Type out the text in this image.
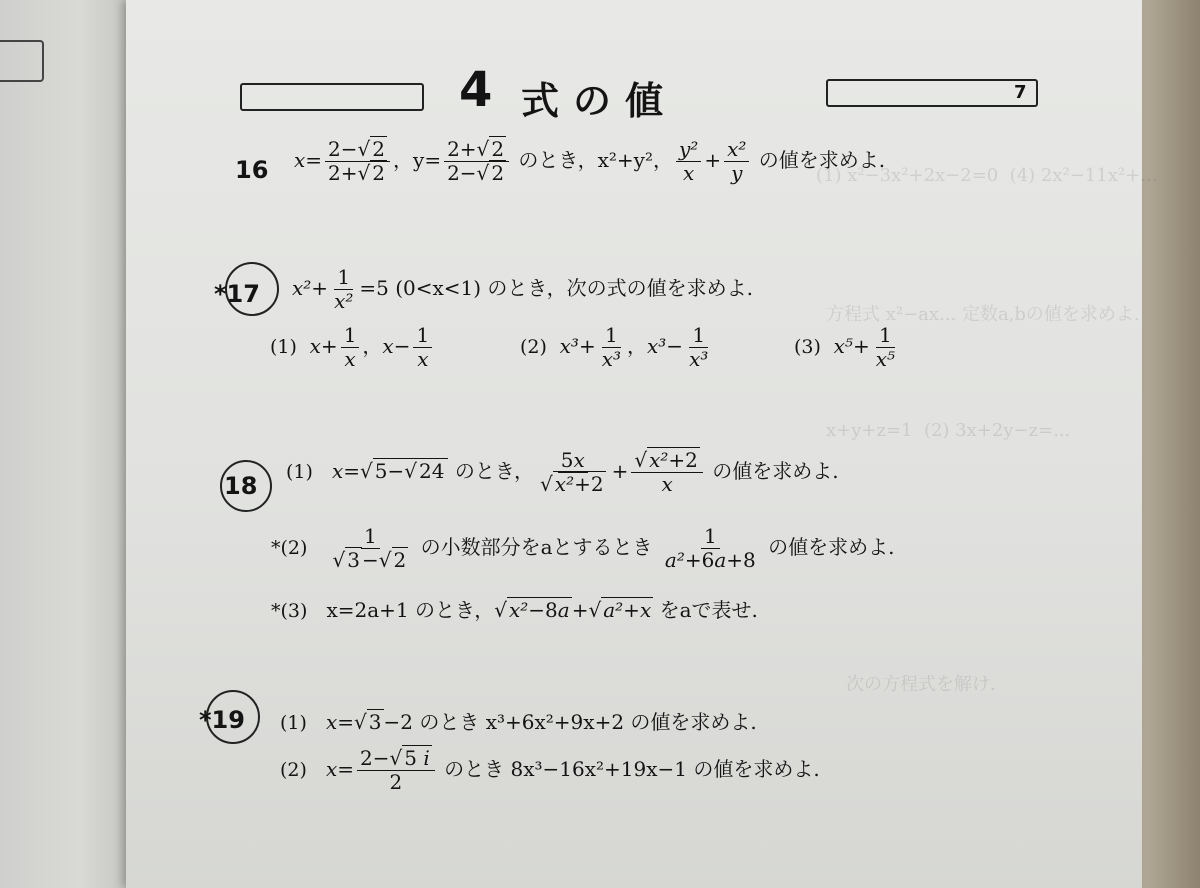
(1) x²−3x²+2x−2=0  (4) 2x²−11x²+...
方程式 x²−ax... 定数a,bの値を求めよ.
x+y+z=1  (2) 3x+2y−z=...
次の方程式を解け.
4 式の値	7
16 $x= \frac{2-√ 2}{2+√ 2}$ ，$y= \frac{2+√ 2}{2-√ 2}$ のとき，x²+y²， $\frac{\text{y²}}{x} + \frac{\text{x²}}{y}$ の値を求めよ.
*17 $x^2+ \frac{1}{\text{x²}} =5$ (0<x<1) のとき，次の式の値を求めよ.
(1) $x+ \frac{1}{x}$ ，$x- \frac{1}{x}$	(2) $x^3+ \frac{1}{\text{x³}}$ ，$x^3- \frac{1}{\text{x³}}$	(3) $x^5+ \frac{1}{\text{x⁵}}$
18 (1) x=√ 5−√ 24 のとき， $\frac{5x}{\text{√ x²+2}} + \frac{\text{√ x²+2}}{x}$ の値を求めよ.
$*(2) \frac{1}{√ 3 -√ 2}$ の小数部分をaとするとき $\frac{1}{\text{a²+6a+8}}$ の値を求めよ.
*(3) x=2a+1 のとき，√ x²−8a +√ a²+x をaで表せ.
*19 (1) x=√ 3 −2 のとき x³+6x²+9x+2 の値を求めよ.
(2) $x= \frac{2-√ 5 i}{2}$ のとき 8x³−16x²+19x−1 の値を求めよ.
